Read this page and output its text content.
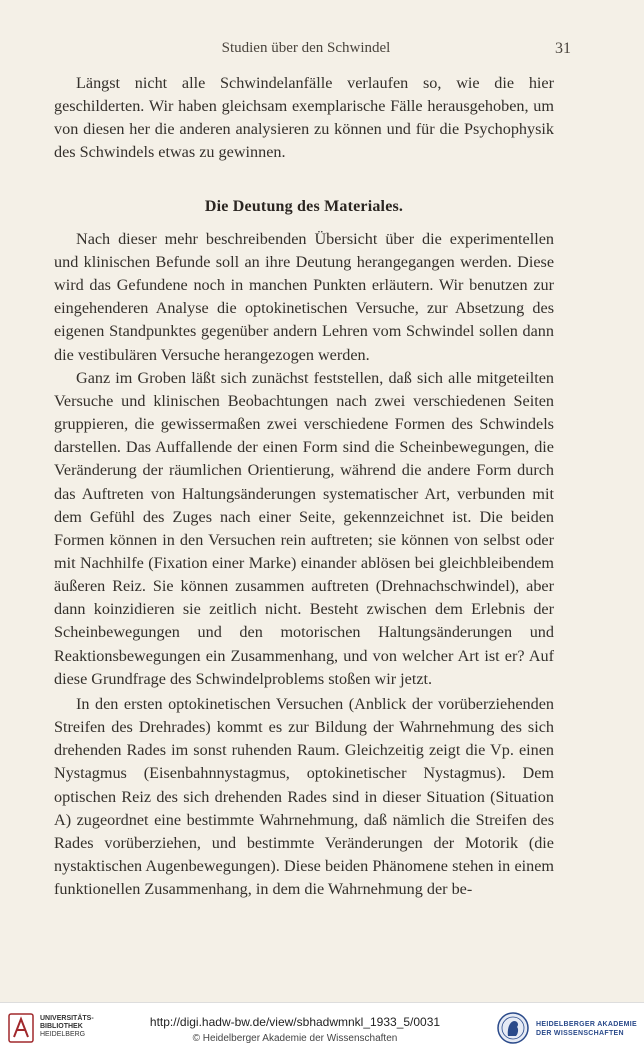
Studien über den Schwindel	31

Längst nicht alle Schwindelanfälle verlaufen so, wie die hier geschilderten. Wir haben gleichsam exemplarische Fälle herausgehoben, um von diesen her die anderen analysieren zu können und für die Psychophysik des Schwindels etwas zu gewinnen.

Die Deutung des Materiales.

Nach dieser mehr beschreibenden Übersicht über die experimentellen und klinischen Befunde soll an ihre Deutung herangegangen werden. Diese wird das Gefundene noch in manchen Punkten erläutern. Wir benutzen zur eingehenderen Analyse die optokinetischen Versuche, zur Absetzung des eigenen Standpunktes gegenüber andern Lehren vom Schwindel sollen dann die vestibulären Versuche herangezogen werden.

Ganz im Groben läßt sich zunächst feststellen, daß sich alle mitgeteilten Versuche und klinischen Beobachtungen nach zwei verschiedenen Seiten gruppieren, die gewissermaßen zwei verschiedene Formen des Schwindels darstellen. Das Auffallende der einen Form sind die Scheinbewegungen, die Veränderung der räumlichen Orientierung, während die andere Form durch das Auftreten von Haltungsänderungen systematischer Art, verbunden mit dem Gefühl des Zuges nach einer Seite, gekennzeichnet ist. Die beiden Formen können in den Versuchen rein auftreten; sie können von selbst oder mit Nachhilfe (Fixation einer Marke) einander ablösen bei gleichbleibendem äußeren Reiz. Sie können zusammen auftreten (Drehnachschwindel), aber dann koinzidieren sie zeitlich nicht. Besteht zwischen dem Erlebnis der Scheinbewegungen und den motorischen Haltungsänderungen und Reaktionsbewegungen ein Zusammenhang, und von welcher Art ist er? Auf diese Grundfrage des Schwindelproblems stoßen wir jetzt.

In den ersten optokinetischen Versuchen (Anblick der vorüberziehenden Streifen des Drehrades) kommt es zur Bildung der Wahrnehmung des sich drehenden Rades im sonst ruhenden Raum. Gleichzeitig zeigt die Vp. einen Nystagmus (Eisenbahnnystagmus, optokinetischer Nystagmus). Dem optischen Reiz des sich drehenden Rades sind in dieser Situation (Situation A) zugeordnet eine bestimmte Wahrnehmung, daß nämlich die Streifen des Rades vorüberziehen, und bestimmte Veränderungen der Motorik (die nystaktischen Augenbewegungen). Diese beiden Phänomene stehen in einem funktionellen Zusammenhang, in dem die Wahrnehmung der be-

UNIVERSITÄTS-
BIBLIOTHEK
HEIDELBERG
http://digi.hadw-bw.de/view/sbhadwmnkl_1933_5/0031
© Heidelberger Akademie der Wissenschaften
HEIDELBERGER AKADEMIE
DER WISSENSCHAFTEN
